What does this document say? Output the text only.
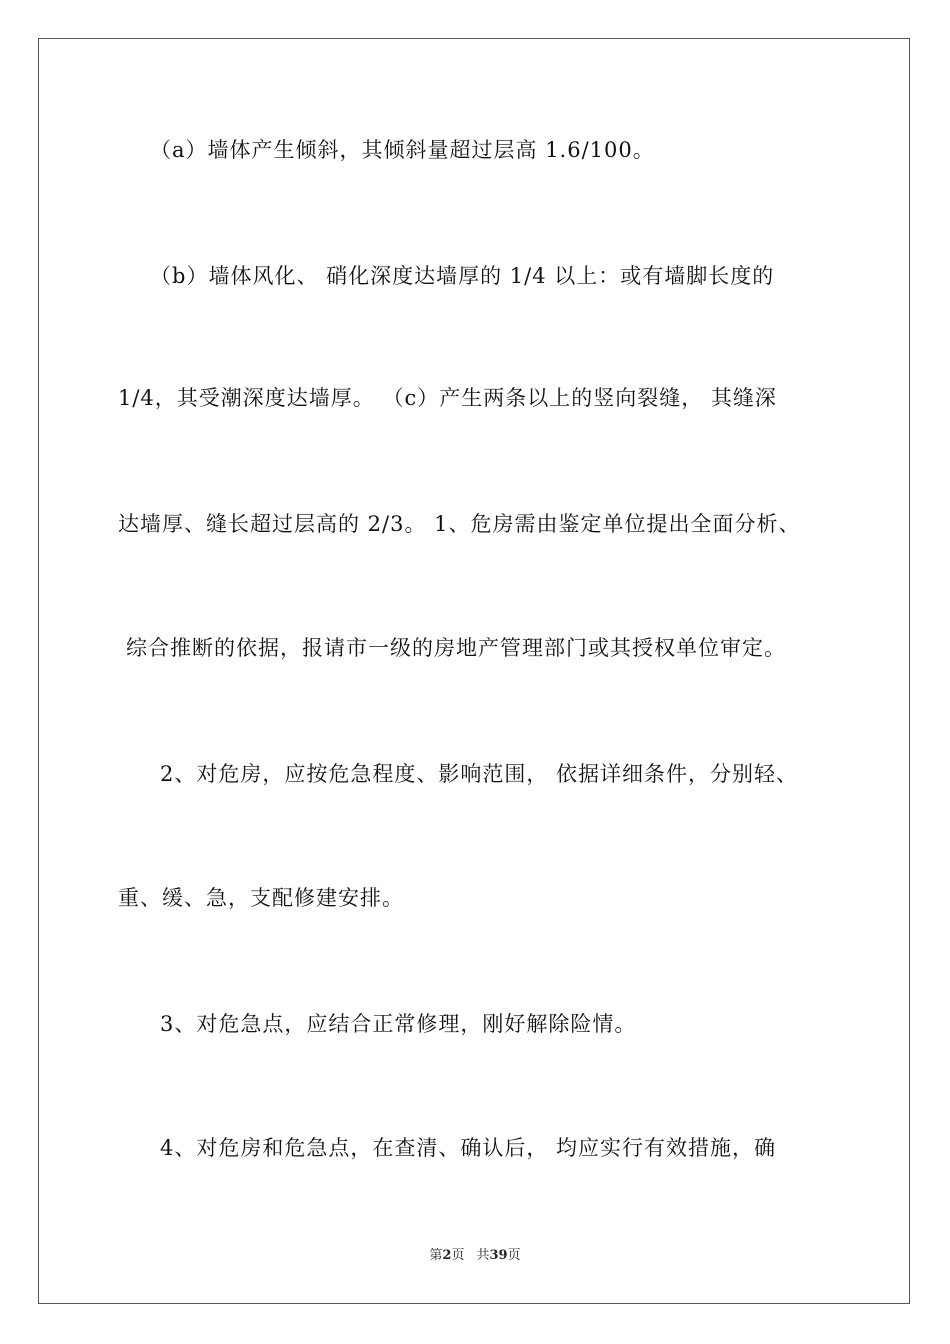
（a）墙体产生倾斜，其倾斜量超过层高 1.6/100。
（b）墙体风化、 硝化深度达墙厚的 1/4 以上：或有墙脚长度的
1/4，其受潮深度达墙厚。 （c）产生两条以上的竖向裂缝， 其缝深
达墙厚、缝长超过层高的 2/3。 1、危房需由鉴定单位提出全面分析、
综合推断的依据，报请市一级的房地产管理部门或其授权单位审定。
2、对危房，应按危急程度、影响范围， 依据详细条件，分别轻、
重、缓、急，支配修建安排。
3、对危急点，应结合正常修理，刚好解除险情。
4、对危房和危急点，在查清、确认后， 均应实行有效措施，确
第2页 共39页
